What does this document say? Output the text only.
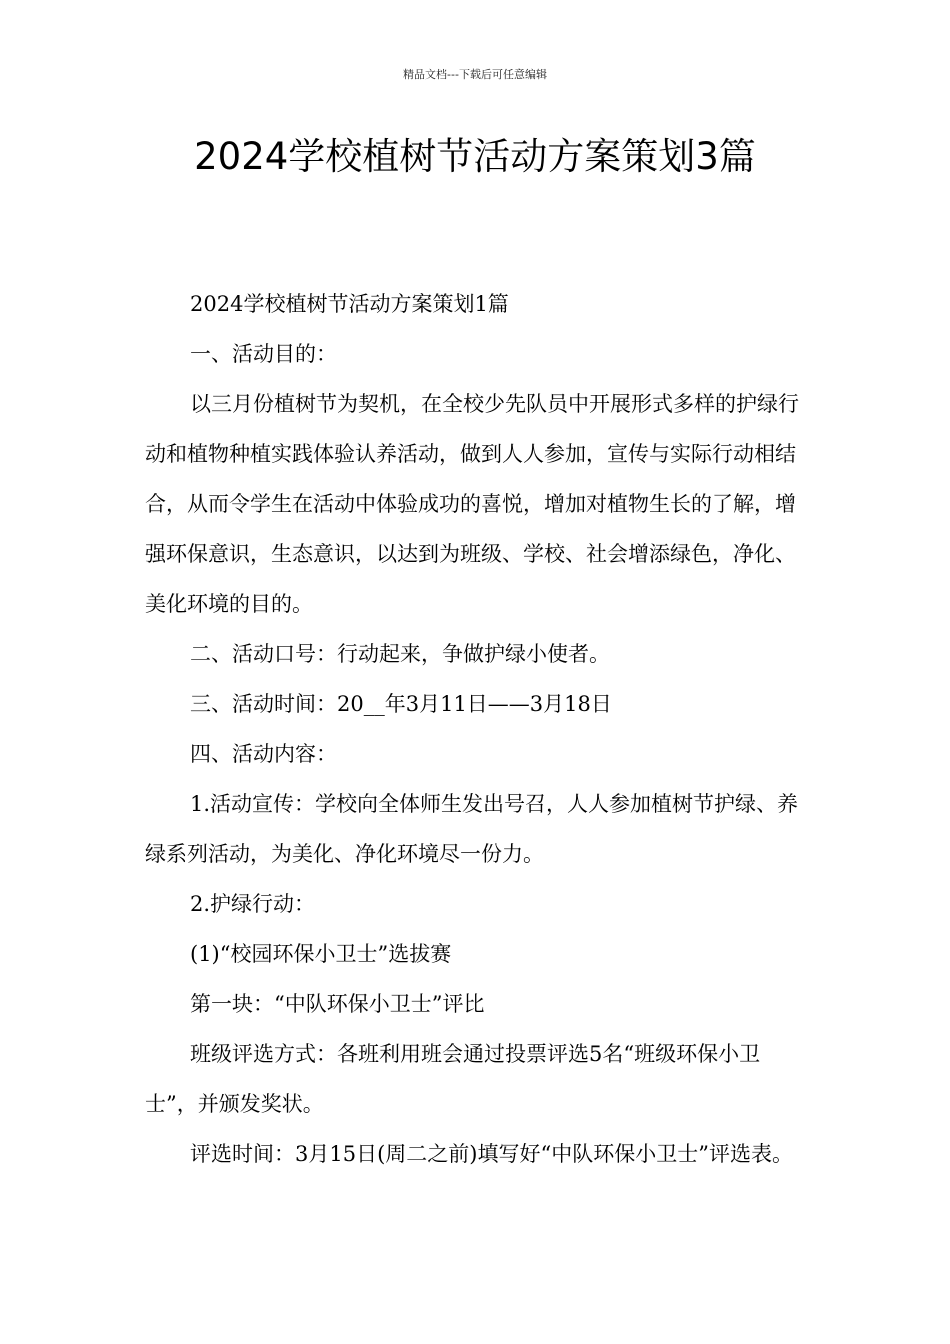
精品文档---下载后可任意编辑
2024学校植树节活动方案策划3篇

2024学校植树节活动方案策划1篇

一、活动目的：

以三月份植树节为契机，在全校少先队员中开展形式多样的护绿行动和植物种植实践体验认养活动，做到人人参加，宣传与实际行动相结合，从而令学生在活动中体验成功的喜悦，增加对植物生长的了解，增强环保意识，生态意识，以达到为班级、学校、社会增添绿色，净化、美化环境的目的。

二、活动口号：行动起来，争做护绿小使者。

三、活动时间：20__年3月11日——3月18日

四、活动内容：

1.活动宣传：学校向全体师生发出号召，人人参加植树节护绿、养绿系列活动，为美化、净化环境尽一份力。

2.护绿行动：

(1)“校园环保小卫士”选拔赛

第一块：“中队环保小卫士”评比

班级评选方式：各班利用班会通过投票评选5名“班级环保小卫士”，并颁发奖状。

评选时间：3月15日(周二之前)填写好“中队环保小卫士”评选表。
